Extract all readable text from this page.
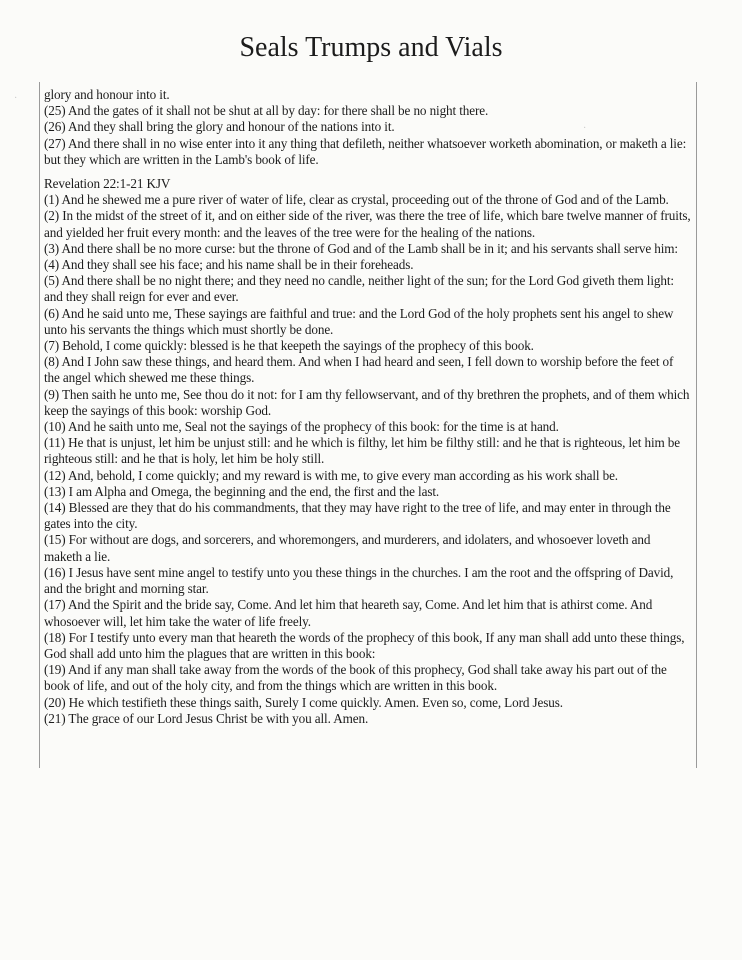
Seals Trumps and Vials
·
·

glory and honour into it.

(25) And the gates of it shall not be shut at all by day: for there shall be no night there.

(26) And they shall bring the glory and honour of the nations into it.

(27) And there shall in no wise enter into it any thing that defileth, neither whatsoever worketh abomination, or maketh a lie: but they which are written in the Lamb's book of life.

Revelation 22:1-21 KJV

(1) And he shewed me a pure river of water of life, clear as crystal, proceeding out of the throne of God and of the Lamb.

(2) In the midst of the street of it, and on either side of the river, was there the tree of life, which bare twelve manner of fruits, and yielded her fruit every month: and the leaves of the tree were for the healing of the nations.

(3) And there shall be no more curse: but the throne of God and of the Lamb shall be in it; and his servants shall serve him:

(4) And they shall see his face; and his name shall be in their foreheads.

(5) And there shall be no night there; and they need no candle, neither light of the sun; for the Lord God giveth them light: and they shall reign for ever and ever.

(6) And he said unto me, These sayings are faithful and true: and the Lord God of the holy prophets sent his angel to shew unto his servants the things which must shortly be done.

(7) Behold, I come quickly: blessed is he that keepeth the sayings of the prophecy of this book.

(8) And I John saw these things, and heard them. And when I had heard and seen, I fell down to worship before the feet of the angel which shewed me these things.

(9) Then saith he unto me, See thou do it not: for I am thy fellowservant, and of thy brethren the prophets, and of them which keep the sayings of this book: worship God.

(10) And he saith unto me, Seal not the sayings of the prophecy of this book: for the time is at hand.

(11) He that is unjust, let him be unjust still: and he which is filthy, let him be filthy still: and he that is righteous, let him be righteous still: and he that is holy, let him be holy still.

(12) And, behold, I come quickly; and my reward is with me, to give every man according as his work shall be.

(13) I am Alpha and Omega, the beginning and the end, the first and the last.

(14) Blessed are they that do his commandments, that they may have right to the tree of life, and may enter in through the gates into the city.

(15) For without are dogs, and sorcerers, and whoremongers, and murderers, and idolaters, and whosoever loveth and maketh a lie.

(16) I Jesus have sent mine angel to testify unto you these things in the churches. I am the root and the offspring of David, and the bright and morning star.

(17) And the Spirit and the bride say, Come. And let him that heareth say, Come. And let him that is athirst come. And whosoever will, let him take the water of life freely.

(18) For I testify unto every man that heareth the words of the prophecy of this book, If any man shall add unto these things, God shall add unto him the plagues that are written in this book:

(19) And if any man shall take away from the words of the book of this prophecy, God shall take away his part out of the book of life, and out of the holy city, and from the things which are written in this book.

(20) He which testifieth these things saith, Surely I come quickly. Amen. Even so, come, Lord Jesus.

(21) The grace of our Lord Jesus Christ be with you all. Amen.
